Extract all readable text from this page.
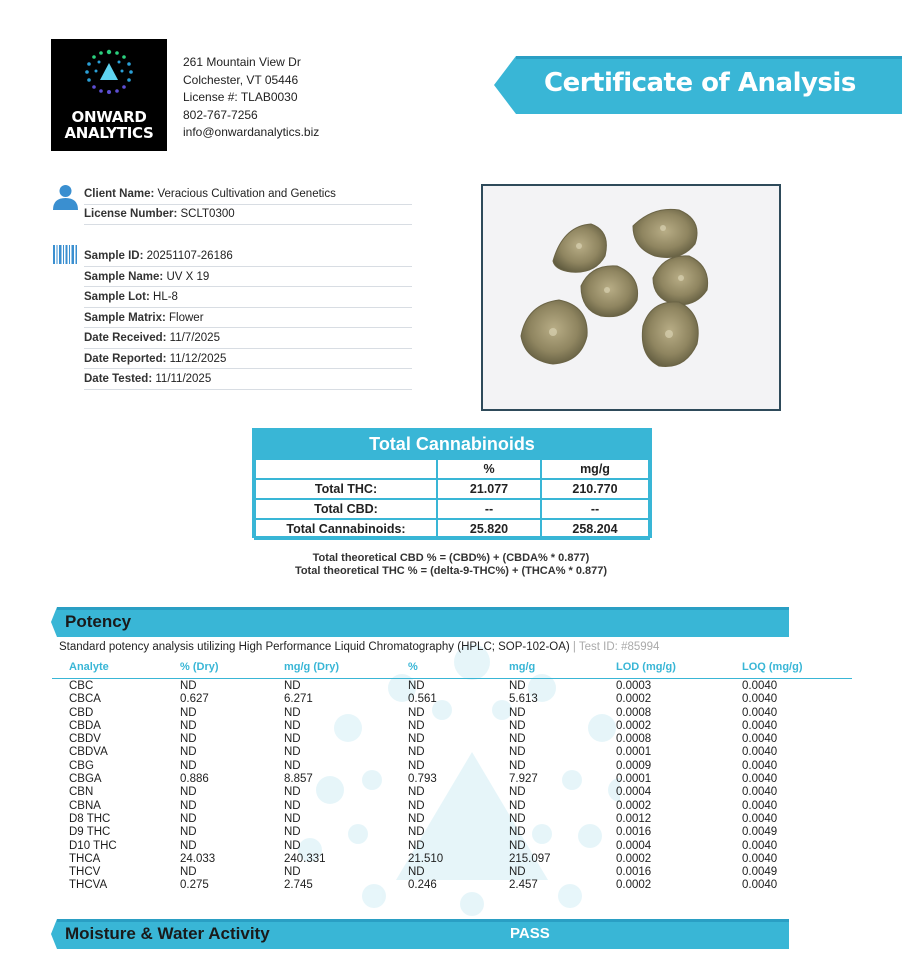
ONWARD
ANALYTICS
261 Mountain View Dr
Colchester, VT 05446
License #: TLAB0030
802-767-7256
info@onwardanalytics.biz
Certificate of Analysis
Client Name: Veracious Cultivation and Genetics
License Number: SCLT0300
Sample ID: 20251107-26186
Sample Name: UV X 19
Sample Lot: HL-8
Sample Matrix: Flower
Date Received: 11/7/2025
Date Reported: 11/12/2025
Date Tested: 11/11/2025
Total Cannabinoids
	%	mg/g
Total THC:	21.077	210.770
Total CBD:	--	--
Total Cannabinoids:	25.820	258.204
Total theoretical CBD % = (CBD%) + (CBDA% * 0.877)
Total theoretical THC % = (delta-9-THC%) + (THCA% * 0.877)
Potency
Standard potency analysis utilizing High Performance Liquid Chromatography (HPLC; SOP-102-OA) | Test ID: #85994
Analyte	% (Dry)	mg/g (Dry)	%	mg/g	LOD (mg/g)	LOQ (mg/g)
CBC	ND	ND	ND	ND	0.0003	0.0040
CBCA	0.627	6.271	0.561	5.613	0.0002	0.0040
CBD	ND	ND	ND	ND	0.0008	0.0040
CBDA	ND	ND	ND	ND	0.0002	0.0040
CBDV	ND	ND	ND	ND	0.0008	0.0040
CBDVA	ND	ND	ND	ND	0.0001	0.0040
CBG	ND	ND	ND	ND	0.0009	0.0040
CBGA	0.886	8.857	0.793	7.927	0.0001	0.0040
CBN	ND	ND	ND	ND	0.0004	0.0040
CBNA	ND	ND	ND	ND	0.0002	0.0040
D8 THC	ND	ND	ND	ND	0.0012	0.0040
D9 THC	ND	ND	ND	ND	0.0016	0.0049
D10 THC	ND	ND	ND	ND	0.0004	0.0040
THCA	24.033	240.331	21.510	215.097	0.0002	0.0040
THCV	ND	ND	ND	ND	0.0016	0.0049
THCVA	0.275	2.745	0.246	2.457	0.0002	0.0040
Moisture & Water Activity	PASS
